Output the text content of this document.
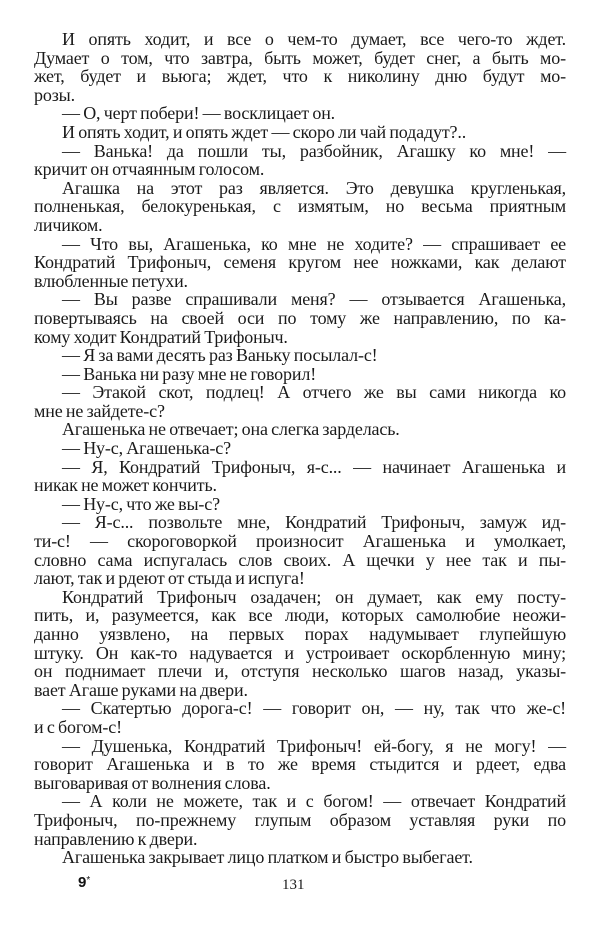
И опять ходит, и все о чем-то думает, все чего-то ждет.
Думает о том, что завтра, быть может, будет снег, а быть мо-
жет, будет и вьюга; ждет, что к николину дню будут мо-
розы.
— О, черт побери! — восклицает он.
И опять ходит, и опять ждет — скоро ли чай подадут?..
— Ванька! да пошли ты, разбойник, Агашку ко мне! —
кричит он отчаянным голосом.
Агашка на этот раз является. Это девушка кругленькая,
полненькая, белокуренькая, с измятым, но весьма приятным
личиком.
— Что вы, Агашенька, ко мне не ходите? — спрашивает ее
Кондратий Трифоныч, семеня кругом нее ножками, как делают
влюбленные петухи.
— Вы разве спрашивали меня? — отзывается Агашенька,
повертываясь на своей оси по тому же направлению, по ка-
кому ходит Кондратий Трифоныч.
— Я за вами десять раз Ваньку посылал-с!
— Ванька ни разу мне не говорил!
— Этакой скот, подлец! А отчего же вы сами никогда ко
мне не зайдете-с?
Агашенька не отвечает; она слегка зарделась.
— Ну-с, Агашенька-с?
— Я, Кондратий Трифоныч, я-с... — начинает Агашенька и
никак не может кончить.
— Ну-с, что же вы-с?
— Я-с... позвольте мне, Кондратий Трифоныч, замуж ид-
ти-с! — скороговоркой произносит Агашенька и умолкает,
словно сама испугалась слов своих. А щечки у нее так и пы-
лают, так и рдеют от стыда и испуга!
Кондратий Трифоныч озадачен; он думает, как ему посту-
пить, и, разумеется, как все люди, которых самолюбие неожи-
данно уязвлено, на первых порах надумывает глупейшую
штуку. Он как-то надувается и устроивает оскорбленную мину;
он поднимает плечи и, отступя несколько шагов назад, указы-
вает Агаше руками на двери.
— Скатертью дорога-с! — говорит он, — ну, так что же-с!
и с богом-с!
— Душенька, Кондратий Трифоныч! ей-богу, я не могу! —
говорит Агашенька и в то же время стыдится и рдеет, едва
выговаривая от волнения слова.
— А коли не можете, так и с богом! — отвечает Кондратий
Трифоныч, по-прежнему глупым образом уставляя руки по
направлению к двери.
Агашенька закрывает лицо платком и быстро выбегает.
9*	131
